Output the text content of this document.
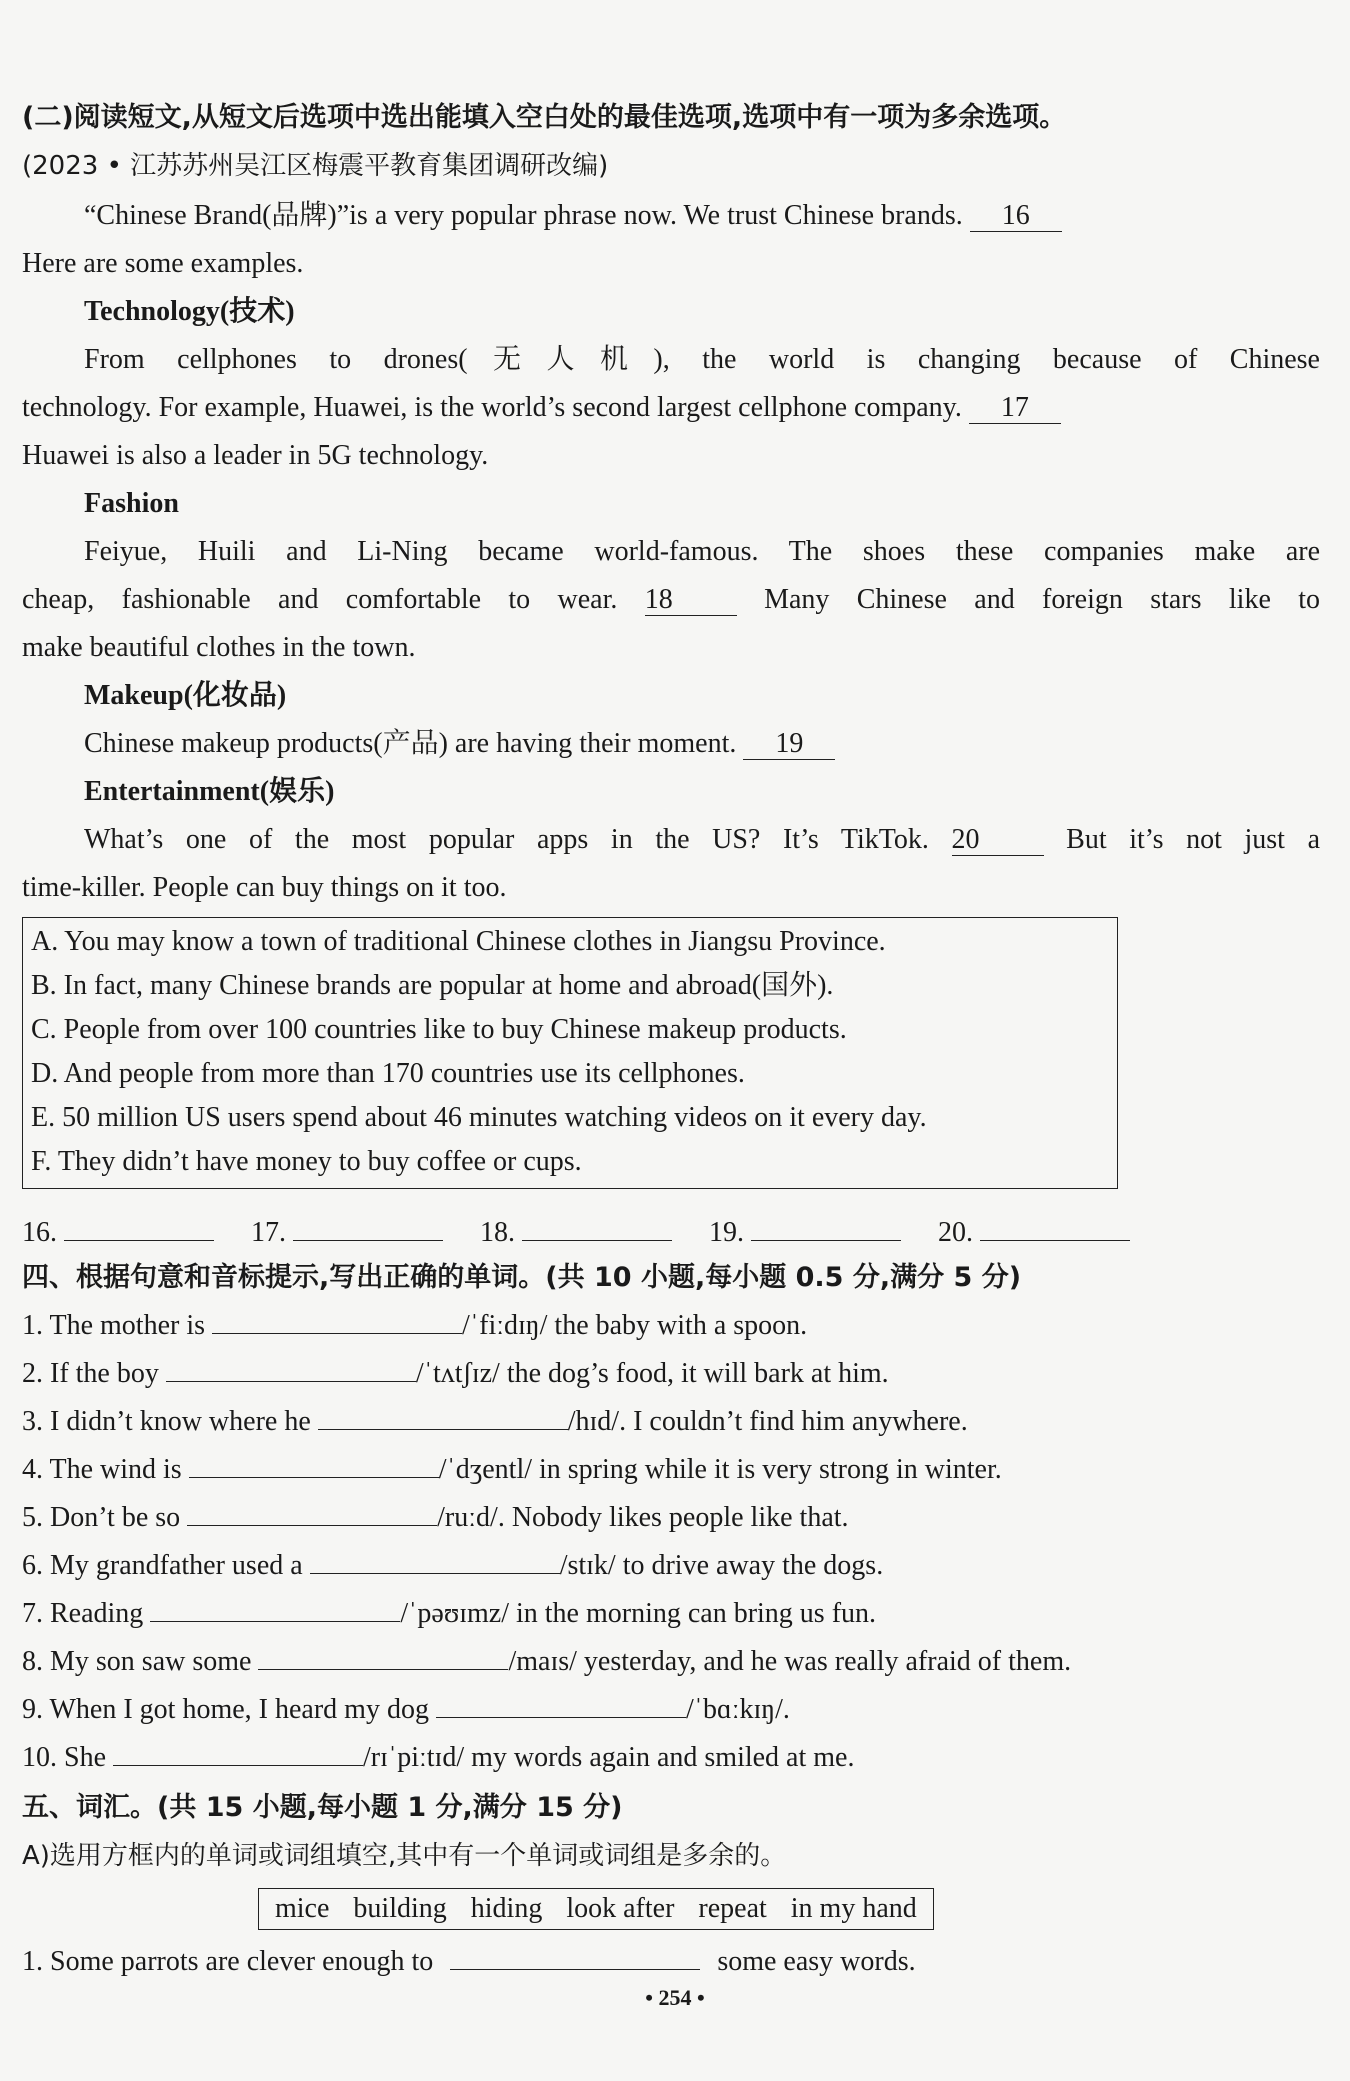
(二)阅读短文,从短文后选项中选出能填入空白处的最佳选项,选项中有一项为多余选项。
(2023 • 江苏苏州吴江区梅震平教育集团调研改编)
“Chinese Brand(品牌)”is a very popular phrase now. We trust Chinese brands. 16
Here are some examples.
Technology(技术)
From cellphones to drones(无人机), the world is changing because of Chinese
technology. For example, Huawei, is the world’s second largest cellphone company. 17
Huawei is also a leader in 5G technology.
Fashion
Feiyue, Huili and Li-Ning became world-famous. The shoes these companies make are
cheap, fashionable and comfortable to wear. 18	Many Chinese and foreign stars like to
make beautiful clothes in the town.
Makeup(化妆品)
Chinese makeup products(产品) are having their moment. 19
Entertainment(娱乐)
What’s one of the most popular apps in the US? It’s TikTok. 20	But it’s not just a
time-killer. People can buy things on it too.
A. You may know a town of traditional Chinese clothes in Jiangsu Province.
B. In fact, many Chinese brands are popular at home and abroad(国外).
C. People from over 100 countries like to buy Chinese makeup products.
D. And people from more than 170 countries use its cellphones.
E. 50 million US users spend about 46 minutes watching videos on it every day.
F. They didn’t have money to buy coffee or cups.
16.	17.	18.	19.	20.
四、根据句意和音标提示,写出正确的单词。(共 10 小题,每小题 0.5 分,满分 5 分)
1. The mother is	/ˈfiːdɪŋ/ the baby with a spoon.
2. If the boy	/ˈtʌtʃɪz/ the dog’s food, it will bark at him.
3. I didn’t know where he	/hɪd/. I couldn’t find him anywhere.
4. The wind is	/ˈdʒentl/ in spring while it is very strong in winter.
5. Don’t be so	/ruːd/. Nobody likes people like that.
6. My grandfather used a	/stɪk/ to drive away the dogs.
7. Reading	/ˈpəʊɪmz/ in the morning can bring us fun.
8. My son saw some	/maɪs/ yesterday, and he was really afraid of them.
9. When I got home, I heard my dog	/ˈbɑːkɪŋ/.
10. She	/rɪˈpiːtɪd/ my words again and smiled at me.
五、词汇。(共 15 小题,每小题 1 分,满分 15 分)
A)选用方框内的单词或词组填空,其中有一个单词或词组是多余的。
mice building hiding look after repeat in my hand
1. Some parrots are clever enough to	some easy words.
• 254 •
